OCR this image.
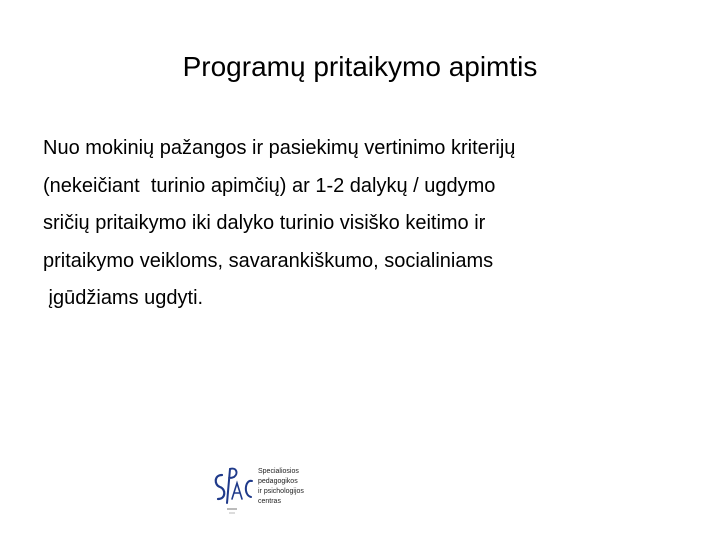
Programų pritaikymo apimtis
Nuo mokinių pažangos ir pasiekimų vertinimo kriterijų
(nekeičiant  turinio apimčių) ar 1-2 dalykų / ugdymo
sričių pritaikymo iki dalyko turinio visiško keitimo ir
pritaikymo veikloms, savarankiškumo, socialiniams
įgūdžiams ugdyti.
Specialiosios
pedagogikos
ir psichologijos
centras
